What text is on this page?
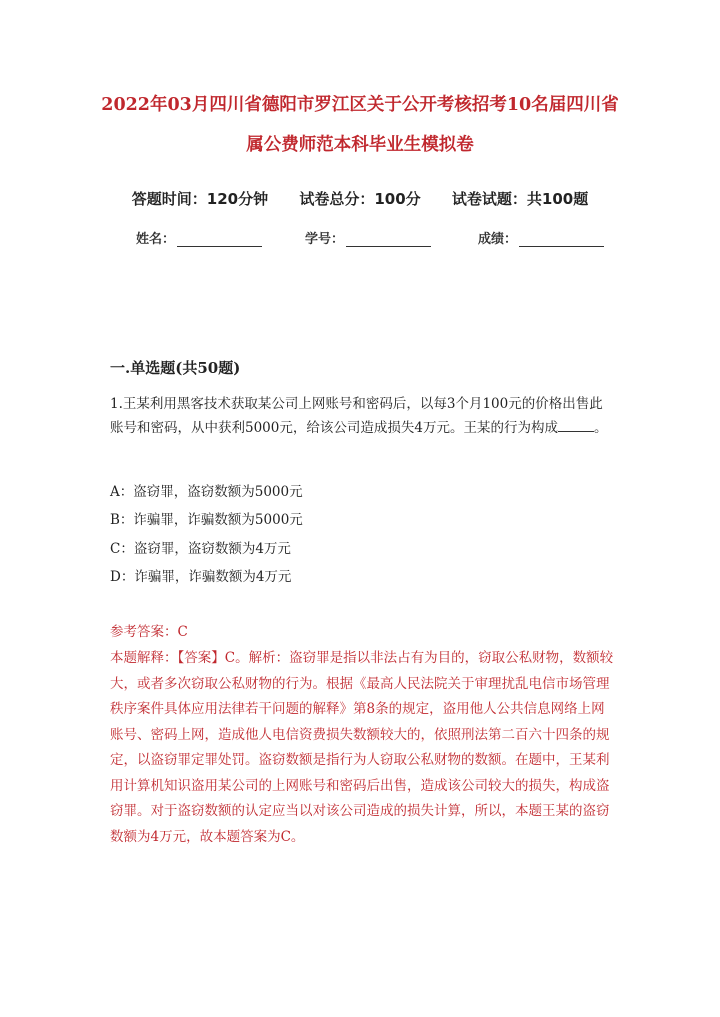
2022年03月四川省德阳市罗江区关于公开考核招考10名届四川省
属公费师范本科毕业生模拟卷
答题时间：120分钟 试卷总分：100分 试卷试题：共100题
姓名：	学号：	成绩：
一.单选题(共50题)
1.王某利用黑客技术获取某公司上网账号和密码后，以每3个月100元的价格出售此账号和密码，从中获利5000元，给该公司造成损失4万元。王某的行为构成	。
A：盗窃罪，盗窃数额为5000元
B：诈骗罪，诈骗数额为5000元
C：盗窃罪，盗窃数额为4万元
D：诈骗罪，诈骗数额为4万元
参考答案：C
本题解释：【答案】C。解析：盗窃罪是指以非法占有为目的，窃取公私财物，数额较大，或者多次窃取公私财物的行为。根据《最高人民法院关于审理扰乱电信市场管理秩序案件具体应用法律若干问题的解释》第8条的规定，盗用他人公共信息网络上网账号、密码上网，造成他人电信资费损失数额较大的，依照刑法第二百六十四条的规定，以盗窃罪定罪处罚。盗窃数额是指行为人窃取公私财物的数额。在题中，王某利用计算机知识盗用某公司的上网账号和密码后出售，造成该公司较大的损失，构成盗窃罪。对于盗窃数额的认定应当以对该公司造成的损失计算，所以，本题王某的盗窃数额为4万元，故本题答案为C。
